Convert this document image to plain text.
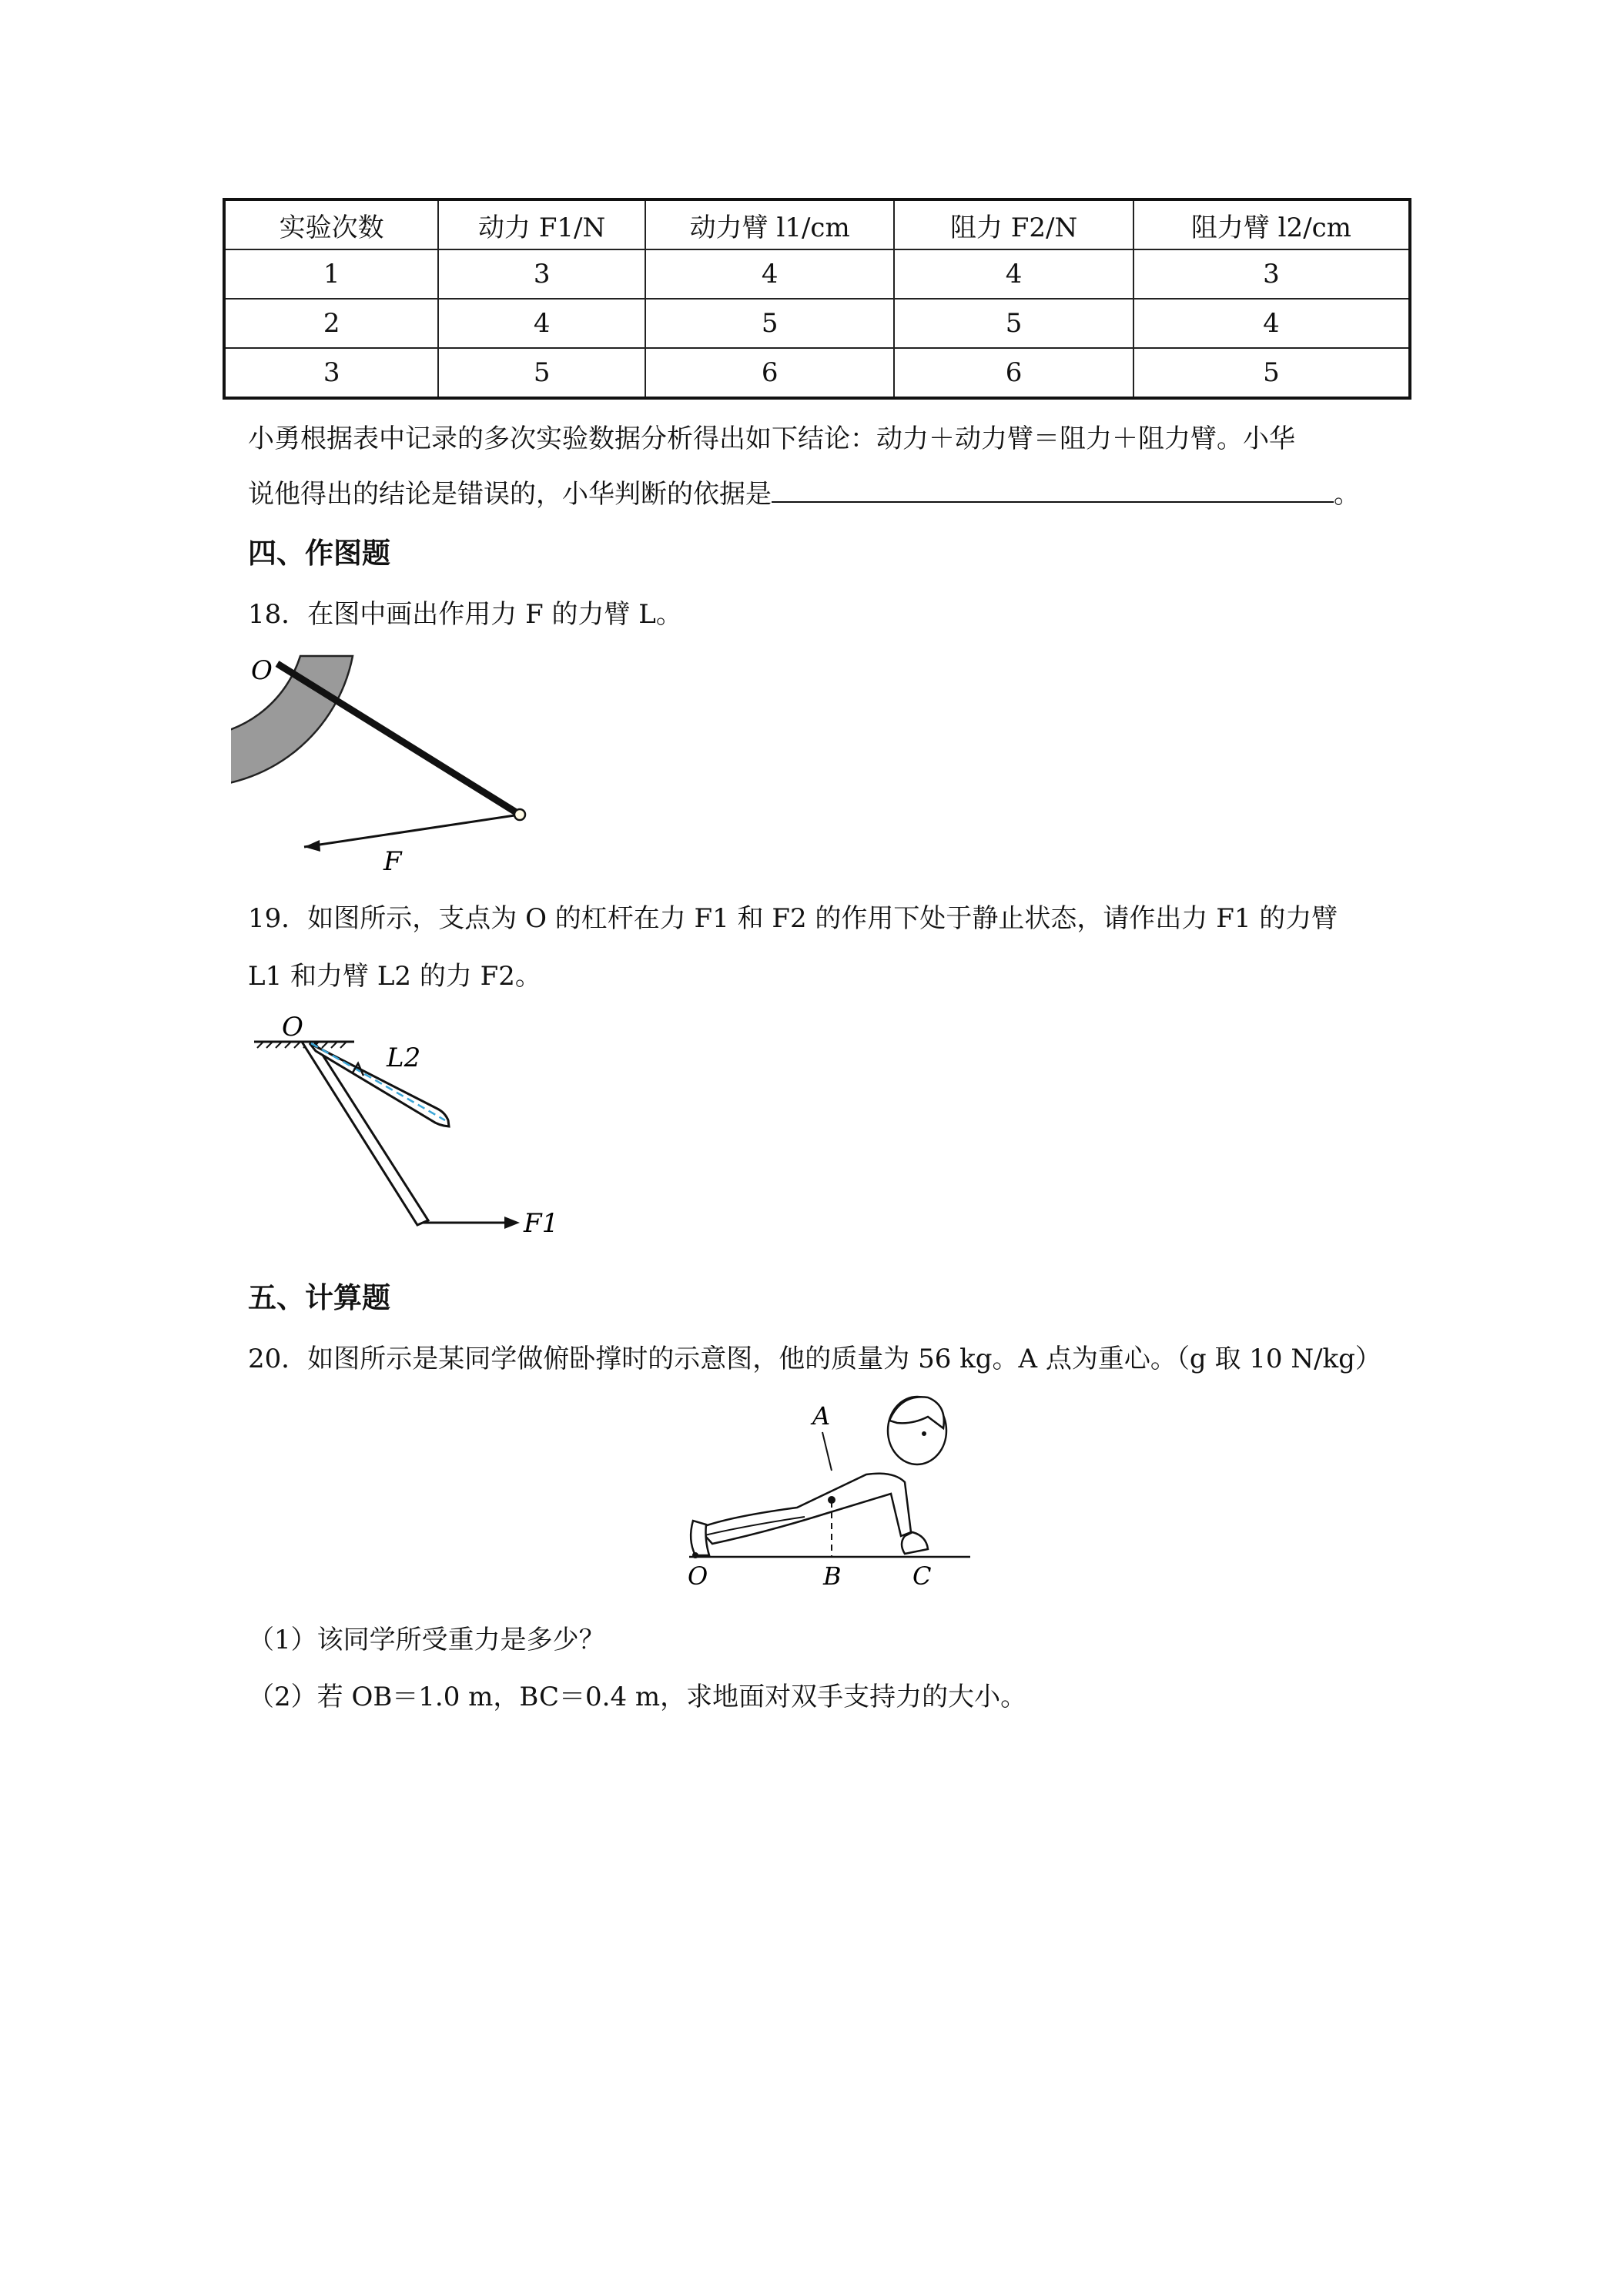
实验次数	动力 F1/N	动力臂 l1/cm	阻力 F2/N	阻力臂 l2/cm
1	3	4	4	3
2	4	5	5	4
3	5	6	6	5
小勇根据表中记录的多次实验数据分析得出如下结论：动力＋动力臂＝阻力＋阻力臂。小华
说他得出的结论是错误的，小华判断的依据是	。
四、作图题
18．在图中画出作用力 F 的力臂 L。
O
F
19．如图所示，支点为 O 的杠杆在力 F1 和 F2 的作用下处于静止状态，请作出力 F1 的力臂
L1 和力臂 L2 的力 F2。
O
L2
F1
五、计算题
20．如图所示是某同学做俯卧撑时的示意图，他的质量为 56 kg。A 点为重心。（g 取 10 N/kg）
A
O	B	C
（1）该同学所受重力是多少？
（2）若 OB＝1.0 m，BC＝0.4 m，求地面对双手支持力的大小。
